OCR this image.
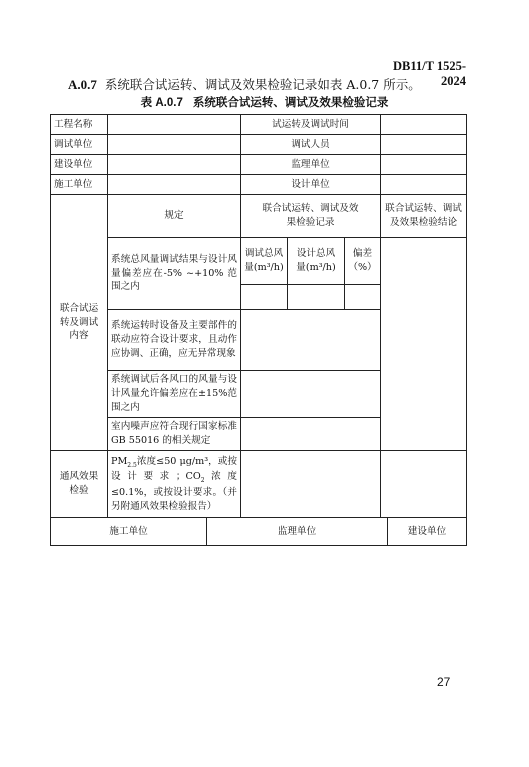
DB11/T 1525- 2024
A.0.7 系统联合试运转、调试及效果检验记录如表 A.0.7 所示。
表 A.0.7 系统联合试运转、调试及效果检验记录
工程名称		试运转及调试时间			
调试单位		调试人员			
建设单位		监理单位			
施工单位		设计单位			
联合试运转及调试内容	规定	联合试运转、调试及效果检验记录			联合试运转、调试及效果检验结论
	系统总风量调试结果与设计风量偏差应在-5% ~+10% 范围之内	调试总风量(m³/h)	设计总风量(m³/h)	偏差（%）	

	系统运转时设备及主要部件的联动应符合设计要求，且动作应协调、正确，应无异常现象				
	系统调试后各风口的风量与设计风量允许偏差应在±15%范围之内				
	室内噪声应符合现行国家标准 GB 55016 的相关规定				
通风效果检验	$PM_{2.5}$浓度≤50 μg/m³，或按设计要求；$CO_2$浓度≤0.1%，或按设计要求。（并另附通风效果检验报告）				

施工单位 监理单位 建设单位					
27
